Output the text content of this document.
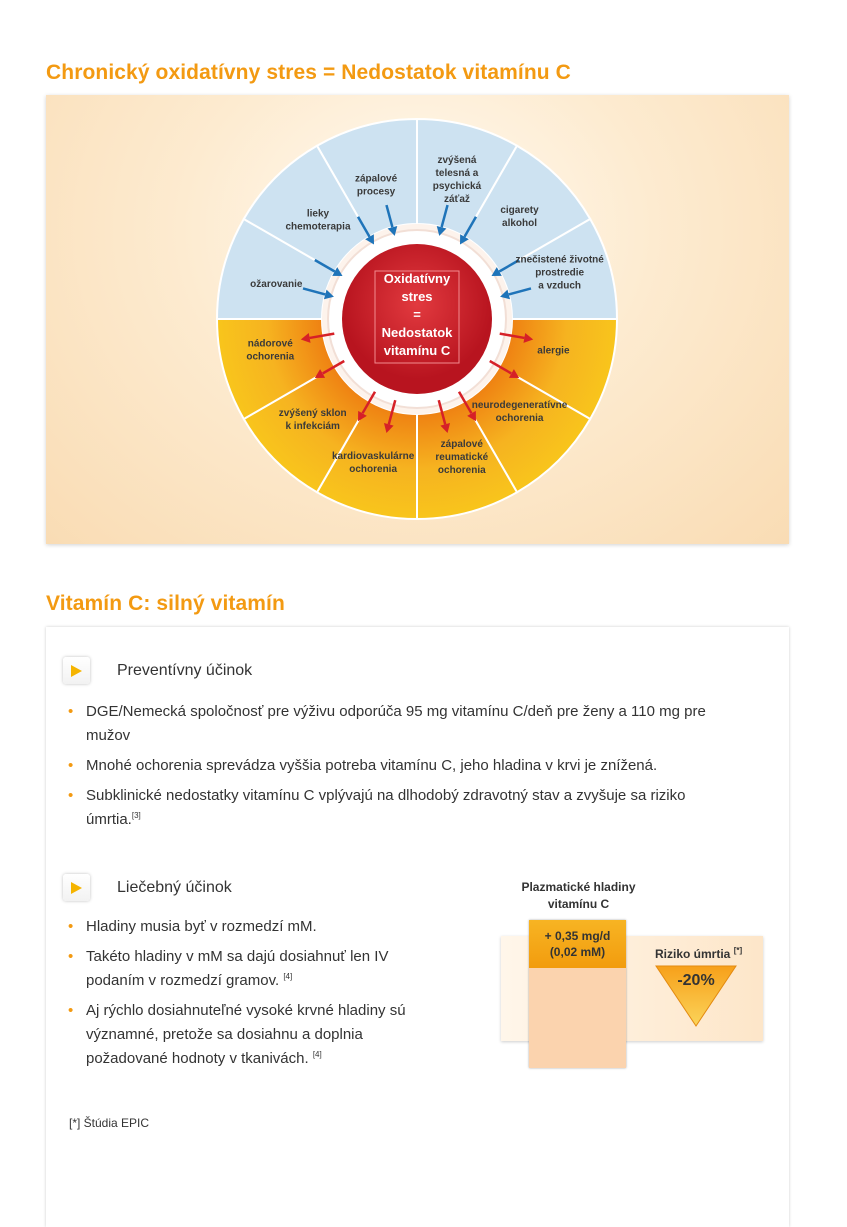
Chronický oxidatívny stres = Nedostatok vitamínu C
zápalové procesy
zvýšená telesná a psychická záťaž
cigarety alkohol
znečistené životné prostredie a vzduch
ožarovanie
lieky chemoterapia
alergie
neurodegeneratívne ochorenia
zápalové reumatické ochorenia
kardiovaskulárne ochorenia
zvýšený sklon k infekciám
nádorové ochorenia
Oxidatívny stres = Nedostatok vitamínu C
Vitamín C: silný vitamín
Preventívny účinok
• DGE/Nemecká spoločnosť pre výživu odporúča 95 mg vitamínu C/deň pre ženy a 110 mg pre mužov
• Mnohé ochorenia sprevádza vyššia potreba vitamínu C, jeho hladina v krvi je znížená.
• Subklinické nedostatky vitamínu C vplývajú na dlhodobý zdravotný stav a zvyšuje sa riziko úmrtia.[3]
Liečebný účinok
• Hladiny musia byť v rozmedzí mM.
• Takéto hladiny v mM sa dajú dosiahnuť len IV podaním v rozmedzí gramov. [4]
• Aj rýchlo dosiahnuteľné vysoké krvné hladiny sú významné, pretože sa dosiahnu a doplnia požadované hodnoty v tkanivách. [4]
Plazmatické hladiny vitamínu C
+ 0,35 mg/d
(0,02 mM)	Riziko úmrtia [*]
-20%
[*] Štúdia EPIC
